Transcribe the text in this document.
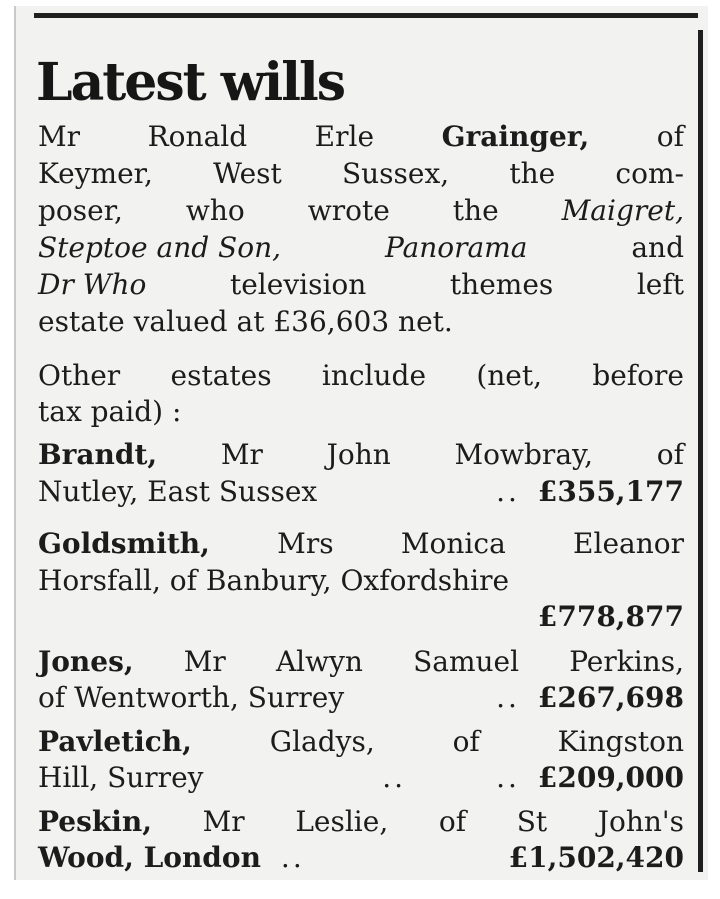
Latest wills
Mr Ronald Erle Grainger, of
Keymer, West Sussex, the com-
poser, who wrote the Maigret,
Steptoe and Son,	Panorama	and
Dr Who	television	themes	left
estate valued at £36,603 net.
Other estates include (net, before
tax paid) :
Brandt, Mr John Mowbray, of
Nutley, East Sussex	.. £355,177
Goldsmith, Mrs Monica Eleanor
Horsfall, of Banbury, Oxfordshire
£778,877
Jones, Mr Alwyn Samuel Perkins,
of Wentworth, Surrey	.. £267,698
Pavletich,	Gladys,	of	Kingston
Hill, Surrey	..	.. £209,000
Peskin, Mr Leslie, of St John's
Wood, London ..	£1,502,420
